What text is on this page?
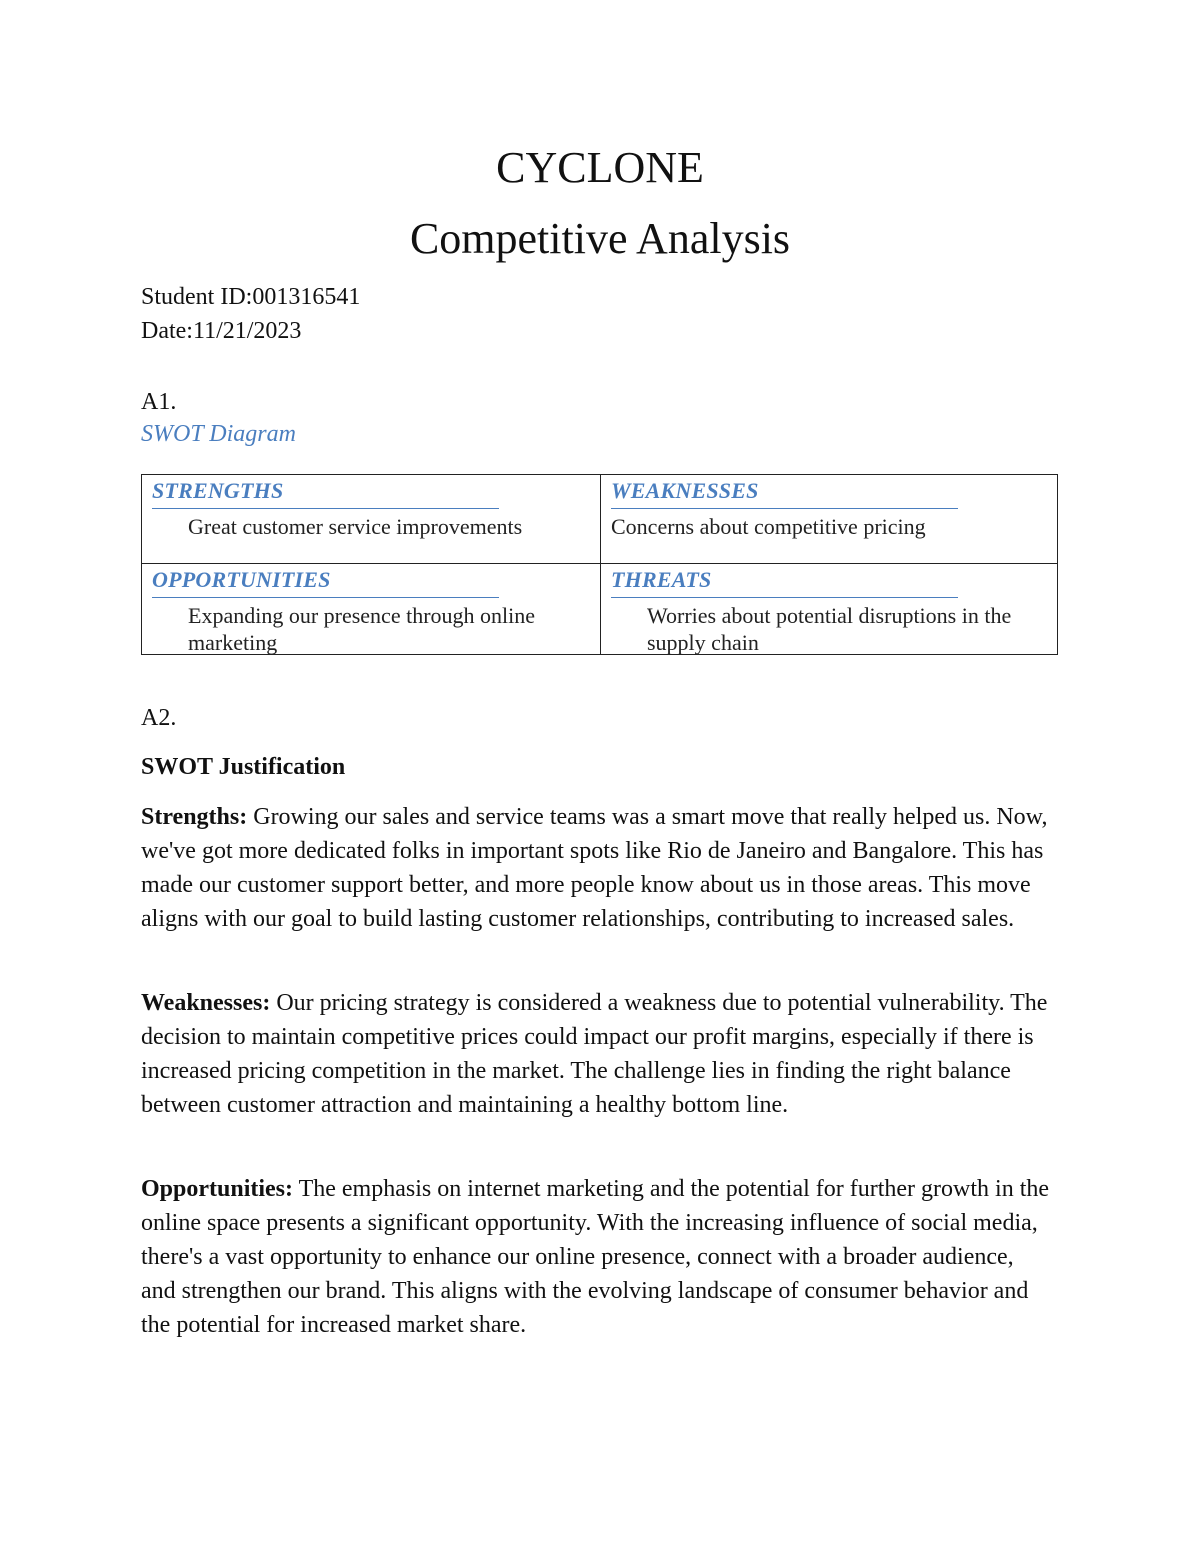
CYCLONE
Competitive Analysis
Student ID:001316541
Date:11/21/2023
A1.
SWOT Diagram
STRENGTHS
Great customer service improvements
WEAKNESSES
Concerns about competitive pricing
OPPORTUNITIES
Expanding our presence through online marketing
THREATS
Worries about potential disruptions in the supply chain
A2.
SWOT Justification
Strengths: Growing our sales and service teams was a smart move that really helped us. Now, we've got more dedicated folks in important spots like Rio de Janeiro and Bangalore. This has made our customer support better, and more people know about us in those areas. This move aligns with our goal to build lasting customer relationships, contributing to increased sales.
Weaknesses: Our pricing strategy is considered a weakness due to potential vulnerability. The decision to maintain competitive prices could impact our profit margins, especially if there is increased pricing competition in the market. The challenge lies in finding the right balance between customer attraction and maintaining a healthy bottom line.
Opportunities: The emphasis on internet marketing and the potential for further growth in the online space presents a significant opportunity. With the increasing influence of social media, there's a vast opportunity to enhance our online presence, connect with a broader audience, and strengthen our brand. This aligns with the evolving landscape of consumer behavior and the potential for increased market share.
